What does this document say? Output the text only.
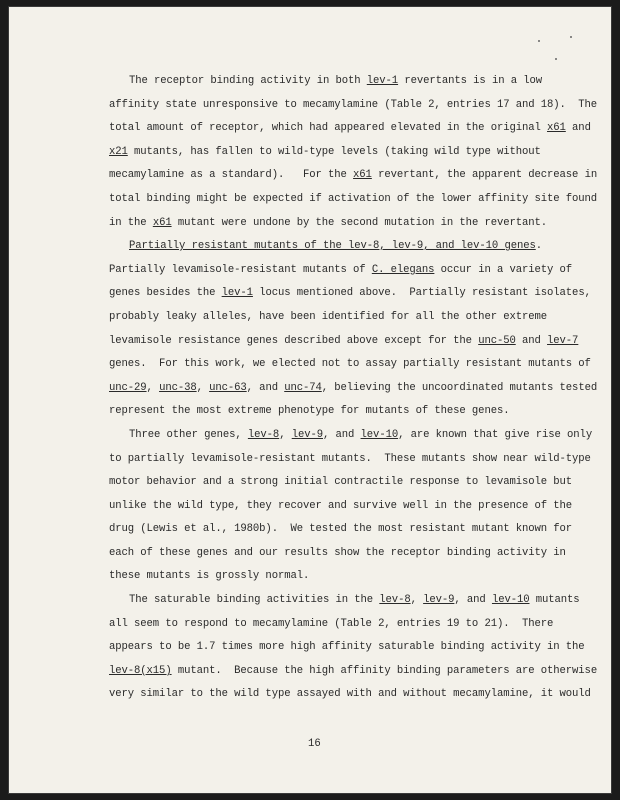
The receptor binding activity in both lev-1 revertants is in a low
affinity state unresponsive to mecamylamine (Table 2, entries 17 and 18).  The
total amount of receptor, which had appeared elevated in the original x61 and
x21 mutants, has fallen to wild-type levels (taking wild type without
mecamylamine as a standard).   For the x61 revertant, the apparent decrease in
total binding might be expected if activation of the lower affinity site found
in the x61 mutant were undone by the second mutation in the revertant.
Partially resistant mutants of the lev-8, lev-9, and lev-10 genes.
Partially levamisole-resistant mutants of C. elegans occur in a variety of
genes besides the lev-1 locus mentioned above.  Partially resistant isolates,
probably leaky alleles, have been identified for all the other extreme
levamisole resistance genes described above except for the unc-50 and lev-7
genes.  For this work, we elected not to assay partially resistant mutants of
unc-29, unc-38, unc-63, and unc-74, believing the uncoordinated mutants tested
represent the most extreme phenotype for mutants of these genes.
Three other genes, lev-8, lev-9, and lev-10, are known that give rise only
to partially levamisole-resistant mutants.  These mutants show near wild-type
motor behavior and a strong initial contractile response to levamisole but
unlike the wild type, they recover and survive well in the presence of the
drug (Lewis et al., 1980b).  We tested the most resistant mutant known for
each of these genes and our results show the receptor binding activity in
these mutants is grossly normal.
The saturable binding activities in the lev-8, lev-9, and lev-10 mutants
all seem to respond to mecamylamine (Table 2, entries 19 to 21).  There
appears to be 1.7 times more high affinity saturable binding activity in the
lev-8(x15) mutant.  Because the high affinity binding parameters are otherwise
very similar to the wild type assayed with and without mecamylamine, it would
16
